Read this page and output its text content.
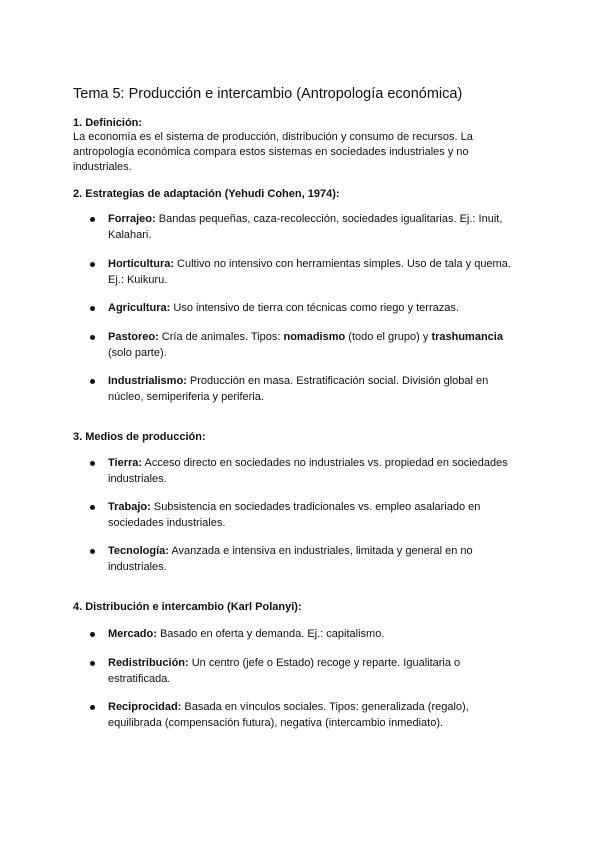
Tema 5: Producción e intercambio (Antropología económica)
1. Definición:
La economía es el sistema de producción, distribución y consumo de recursos. La antropología económica compara estos sistemas en sociedades industriales y no industriales.
2. Estrategias de adaptación (Yehudi Cohen, 1974):
Forrajeo: Bandas pequeñas, caza-recolección, sociedades igualitarias. Ej.: Inuit, Kalahari.
Horticultura: Cultivo no intensivo con herramientas simples. Uso de tala y quema. Ej.: Kuikuru.
Agricultura: Uso intensivo de tierra con técnicas como riego y terrazas.
Pastoreo: Cría de animales. Tipos: nomadismo (todo el grupo) y trashumancia (solo parte).
Industrialismo: Producción en masa. Estratificación social. División global en núcleo, semiperiferia y periferia.
3. Medios de producción:
Tierra: Acceso directo en sociedades no industriales vs. propiedad en sociedades industriales.
Trabajo: Subsistencia en sociedades tradicionales vs. empleo asalariado en sociedades industriales.
Tecnología: Avanzada e intensiva en industriales, limitada y general en no industriales.
4. Distribución e intercambio (Karl Polanyi):
Mercado: Basado en oferta y demanda. Ej.: capitalismo.
Redistribución: Un centro (jefe o Estado) recoge y reparte. Igualitaria o estratificada.
Reciprocidad: Basada en vínculos sociales. Tipos: generalizada (regalo), equilibrada (compensación futura), negativa (intercambio inmediato).
